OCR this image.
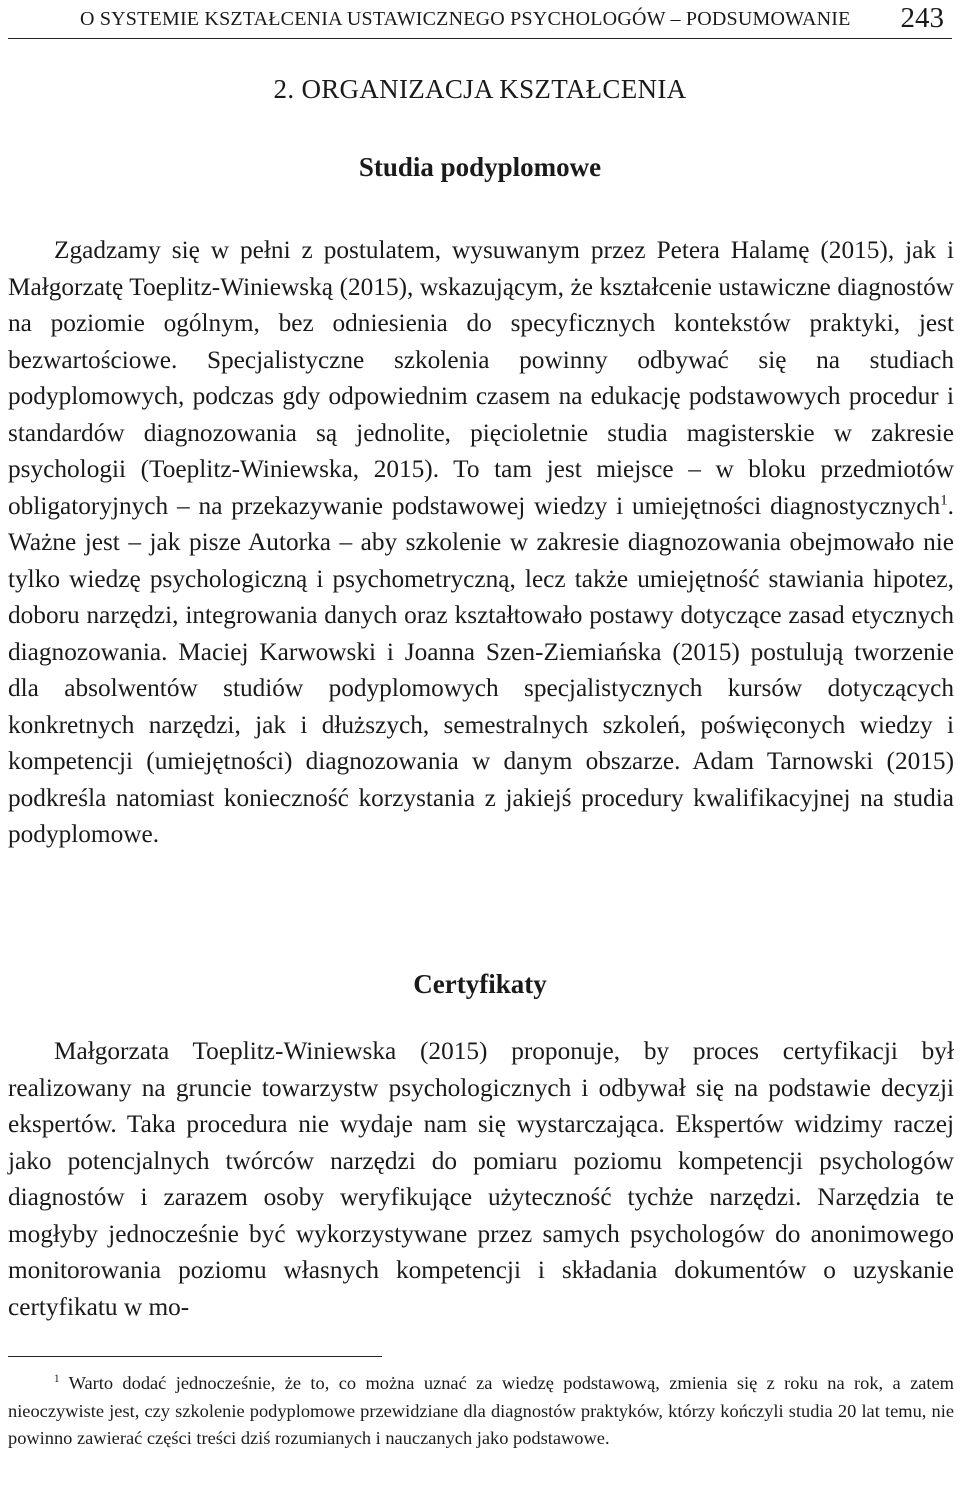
O SYSTEMIE KSZTAŁCENIA USTAWICZNEGO PSYCHOLOGÓW – PODSUMOWANIE 243
2. ORGANIZACJA KSZTAŁCENIA
Studia podyplomowe

Zgadzamy się w pełni z postulatem, wysuwanym przez Petera Halamę (2015), jak i Małgorzatę Toeplitz-Winiewską (2015), wskazującym, że kształcenie ustawiczne diagnostów na poziomie ogólnym, bez odniesienia do specyficznych kontekstów praktyki, jest bezwartościowe. Specjalistyczne szkolenia powinny odbywać się na studiach podyplomowych, podczas gdy odpowiednim czasem na edukację podstawowych procedur i standardów diagnozowania są jednolite, pięcioletnie studia magisterskie w zakresie psychologii (Toeplitz-Winiewska, 2015). To tam jest miejsce – w bloku przedmiotów obligatoryjnych – na przekazywanie podstawowej wiedzy i umiejętności diagnostycznych$^1$. Ważne jest – jak pisze Autorka – aby szkolenie w zakresie diagnozowania obejmowało nie tylko wiedzę psychologiczną i psychometryczną, lecz także umiejętność stawiania hipotez, doboru narzędzi, integrowania danych oraz kształtowało postawy dotyczące zasad etycznych diagnozowania. Maciej Karwowski i Joanna Szen-Ziemiańska (2015) postulują tworzenie dla absolwentów studiów podyplomowych specjalistycznych kursów dotyczących konkretnych narzędzi, jak i dłuższych, semestralnych szkoleń, poświęconych wiedzy i kompetencji (umiejętności) diagnozowania w danym obszarze. Adam Tarnowski (2015) podkreśla natomiast konieczność korzystania z jakiejś procedury kwalifikacyjnej na studia podyplomowe.

Certyfikaty

Małgorzata Toeplitz-Winiewska (2015) proponuje, by proces certyfikacji był realizowany na gruncie towarzystw psychologicznych i odbywał się na podstawie decyzji ekspertów. Taka procedura nie wydaje nam się wystarczająca. Ekspertów widzimy raczej jako potencjalnych twórców narzędzi do pomiaru poziomu kompetencji psychologów diagnostów i zarazem osoby weryfikujące użyteczność tychże narzędzi. Narzędzia te mogłyby jednocześnie być wykorzystywane przez samych psychologów do anonimowego monitorowania poziomu własnych kompetencji i składania dokumentów o uzyskanie certyfikatu w mo-

$^1$ Warto dodać jednocześnie, że to, co można uznać za wiedzę podstawową, zmienia się z roku na rok, a zatem nieoczywiste jest, czy szkolenie podyplomowe przewidziane dla diagnostów praktyków, którzy kończyli studia 20 lat temu, nie powinno zawierać części treści dziś rozumianych i nauczanych jako podstawowe.
